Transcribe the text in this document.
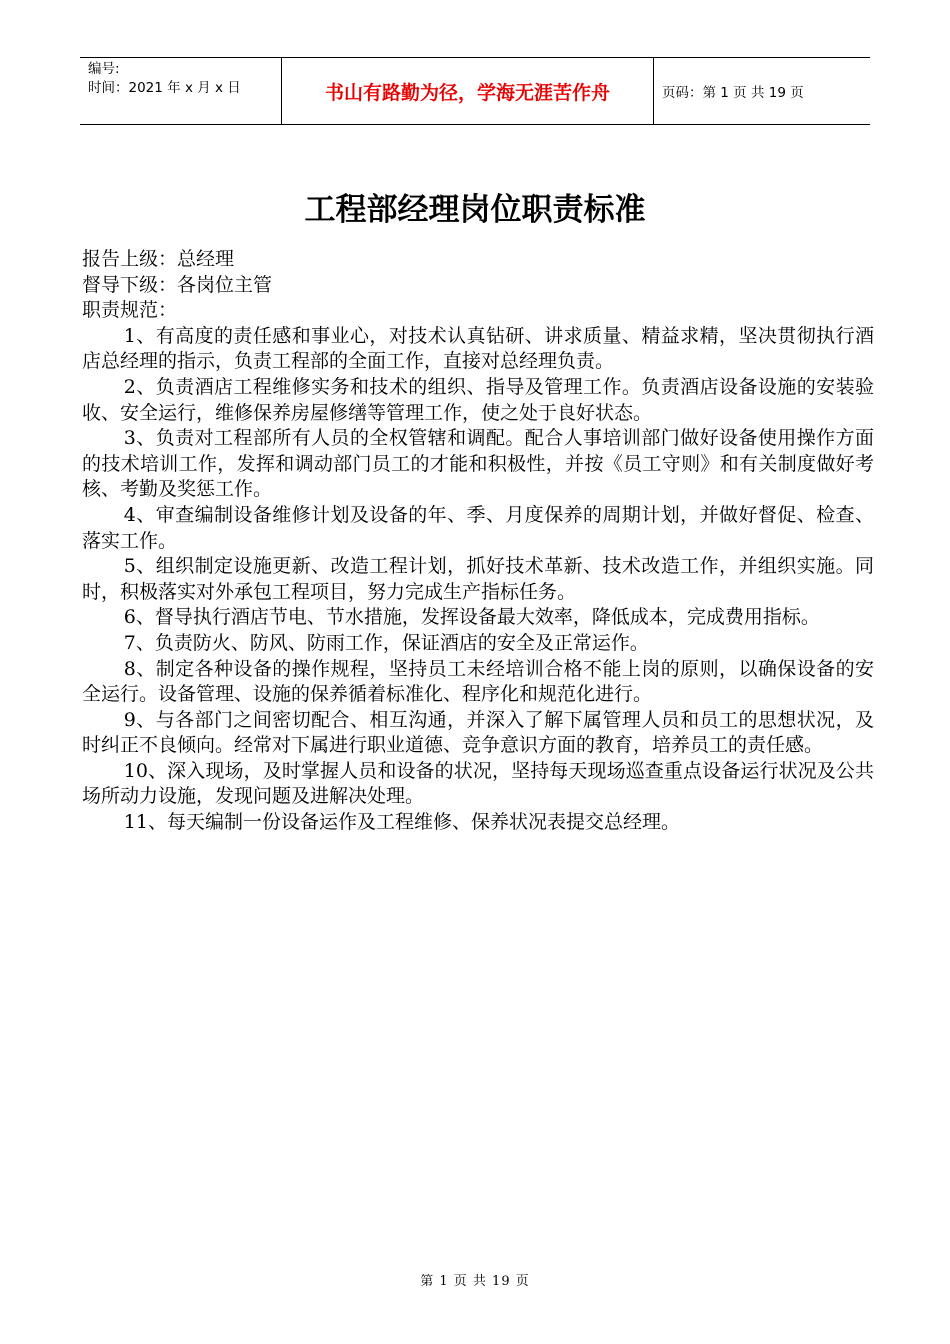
编号:
时间：2021 年 x 月 x 日	书山有路勤为径，学海无涯苦作舟	页码：第 1 页 共 19 页
工程部经理岗位职责标准

报告上级：总经理

督导下级：各岗位主管

职责规范：

1、有高度的责任感和事业心，对技术认真钻研、讲求质量、精益求精，坚决贯彻执行酒店总经理的指示，负责工程部的全面工作，直接对总经理负责。

2、负责酒店工程维修实务和技术的组织、指导及管理工作。负责酒店设备设施的安装验收、安全运行，维修保养房屋修缮等管理工作，使之处于良好状态。

3、负责对工程部所有人员的全权管辖和调配。配合人事培训部门做好设备使用操作方面的技术培训工作，发挥和调动部门员工的才能和积极性，并按《员工守则》和有关制度做好考核、考勤及奖惩工作。

4、审查编制设备维修计划及设备的年、季、月度保养的周期计划，并做好督促、检查、落实工作。

5、组织制定设施更新、改造工程计划，抓好技术革新、技术改造工作，并组织实施。同时，积极落实对外承包工程项目，努力完成生产指标任务。

6、督导执行酒店节电、节水措施，发挥设备最大效率，降低成本，完成费用指标。

7、负责防火、防风、防雨工作，保证酒店的安全及正常运作。

8、制定各种设备的操作规程，坚持员工未经培训合格不能上岗的原则，以确保设备的安全运行。设备管理、设施的保养循着标准化、程序化和规范化进行。

9、与各部门之间密切配合、相互沟通，并深入了解下属管理人员和员工的思想状况，及时纠正不良倾向。经常对下属进行职业道德、竞争意识方面的教育，培养员工的责任感。

10、深入现场，及时掌握人员和设备的状况，坚持每天现场巡查重点设备运行状况及公共场所动力设施，发现问题及进解决处理。

11、每天编制一份设备运作及工程维修、保养状况表提交总经理。

第 1 页 共 19 页
